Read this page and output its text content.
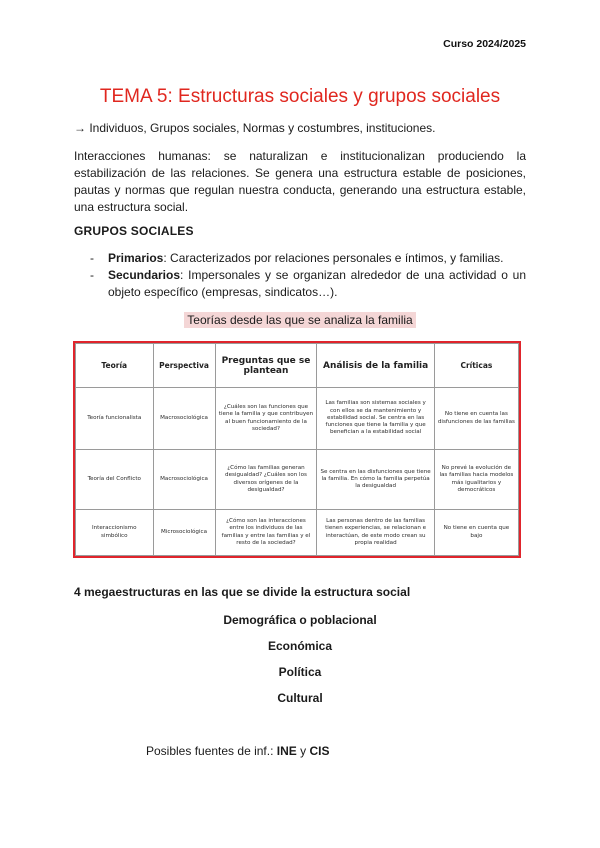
Curso 2024/2025
TEMA 5: Estructuras sociales y grupos sociales
→ Individuos, Grupos sociales, Normas y costumbres, instituciones.
Interacciones humanas: se naturalizan e institucionalizan produciendo la estabilización de las relaciones. Se genera una estructura estable de posiciones, pautas y normas que regulan nuestra conducta, generando una estructura estable, una estructura social.
GRUPOS SOCIALES
- Primarios: Caracterizados por relaciones personales e íntimos, y familias.
- Secundarios: Impersonales y se organizan alrededor de una actividad o un objeto específico (empresas, sindicatos…).
Teorías desde las que se analiza la familia
Teoría	Perspectiva	Preguntas que se plantean	Análisis de la familia	Críticas
Teoría funcionalista	Macrosociológica	¿Cuáles son las funciones que tiene la familia y que contribuyen al buen funcionamiento de la sociedad?	Las familias son sistemas sociales y con ellos se da mantenimiento y estabilidad social. Se centra en las funciones que tiene la familia y que benefician a la estabilidad social	No tiene en cuenta las disfunciones de las familias
Teoría del Conflicto	Macrosociológica	¿Cómo las familias generan desigualdad? ¿Cuáles son los diversos orígenes de la desigualdad?	Se centra en las disfunciones que tiene la familia. En cómo la familia perpetúa la desigualdad	No prevé la evolución de las familias hacia modelos más igualitarios y democráticos
Interaccionismo simbólico	Microsociológica	¿Cómo son las interacciones entre los individuos de las familias y entre las familias y el resto de la sociedad?	Las personas dentro de las familias tienen experiencias, se relacionan e interactúan, de este modo crean su propia realidad	No tiene en cuenta que bajo
4 megaestructuras en las que se divide la estructura social
Demográfica o poblacional
Económica
Política
Cultural
Posibles fuentes de inf.: INE y CIS
